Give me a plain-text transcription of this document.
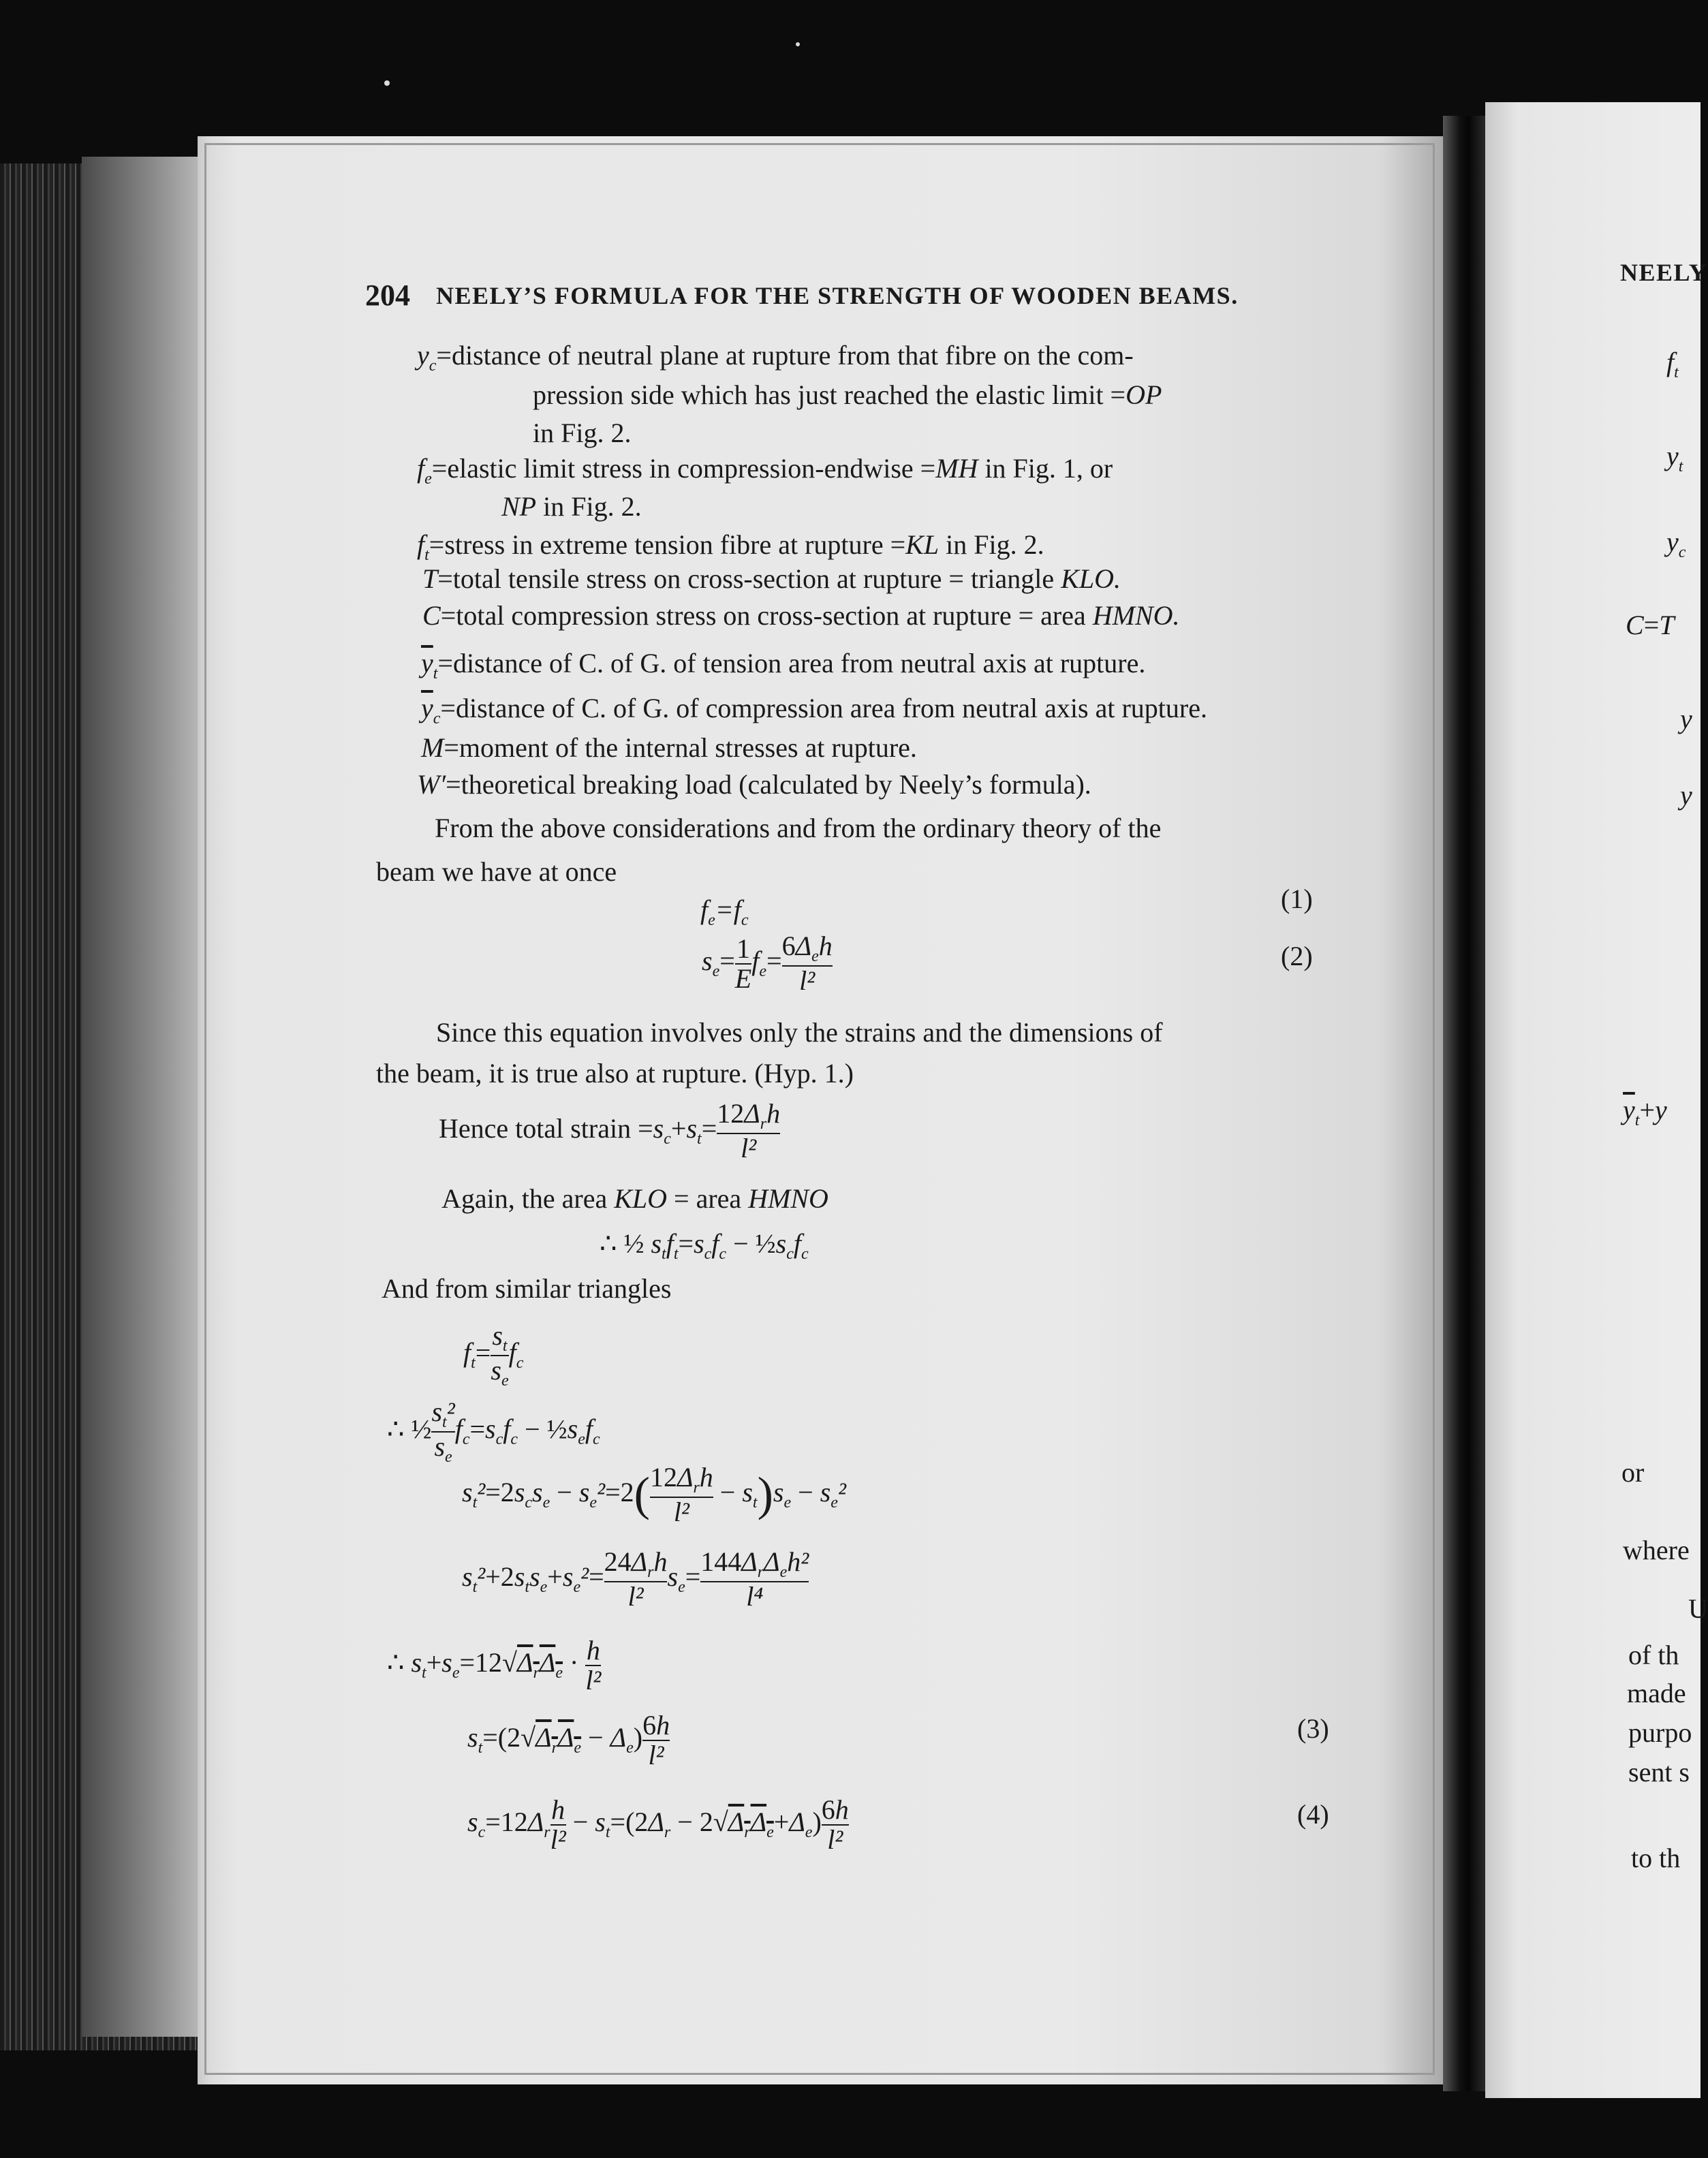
204 NEELY’S FORMULA FOR THE STRENGTH OF WOODEN BEAMS.
$y_c=distance$ of neutral plane at rupture from that fibre on the com-
pression side which has just reached the elastic limit =OP
in Fig. 2.
$f_e=elastic$ limit stress in compression-endwise =MH in Fig. 1, or
NP in Fig. 2.
$f_t=stress$ in extreme tension fibre at rupture =KL in Fig. 2.
T=total tensile stress on cross-section at rupture = triangle KLO.
C=total compression stress on cross-section at rupture = area HMNO.
$\overline{y}_t=distance$ of C. of G. of tension area from neutral axis at rupture.
$\overline{y}_c=distance$ of C. of G. of compression area from neutral axis at rupture.
M=moment of the internal stresses at rupture.
W′=theoretical breaking load (calculated by Neely’s formula).
From the above considerations and from the ordinary theory of the
beam we have at once
$f_e=f_c$
(1)
$s_e= \frac{1}{E} f_e= \frac{6\Delta_eh}{\text{l²}}$	(2)
Since this equation involves only the strains and the dimensions of
the beam, it is true also at rupture. (Hyp. 1.)
Hence total strain $=s_c+s_t= \frac{12\Delta_rh}{\text{l²}}$
Again, the area KLO = area HMNO
∴ ½ $s_tf_t=s_cf_c$ − $\frac{1}{2}s_cf_c$
And from similar triangles
$f_t= \frac{s_t}{s_e} f_c$
∴ ½ $\frac{s_t^2}{s_e} f_c=s_cf_c$ − $\frac{1}{2}s_ef_c$
$s_t^2=2s_cs_e - s_e^2=2( \frac{12\Delta_rh}{\text{l²}} - s_t)s_e - s_e^2$
$s_t^2+2s_ts_e+s_e^2= \frac{24\Delta_rh}{\text{l²}} s_e= \frac{144\Delta_r\Delta_eh^2}{\text{l⁴}}$
∴ $s_t+s_e=12√\Delta_r\Delta_e \cdot \frac{h}{\text{l²}}$
$s_t=(2√\Delta_r\Delta_e - \Delta_e) \frac{6h}{\text{l²}}$	(3)
$s_c=12\Delta_r \frac{h}{\text{l²}} - s_t=(2\Delta_r - 2√\Delta_r\Delta_e+\Delta_e) \frac{6h}{\text{l²}}$	(4)
NEELY
$f_t$
$y_t$
$y_c$
C=T
y
y
$\overline{y}_t+y$
or
where
U
of th
made
purpo
sent s
to th
